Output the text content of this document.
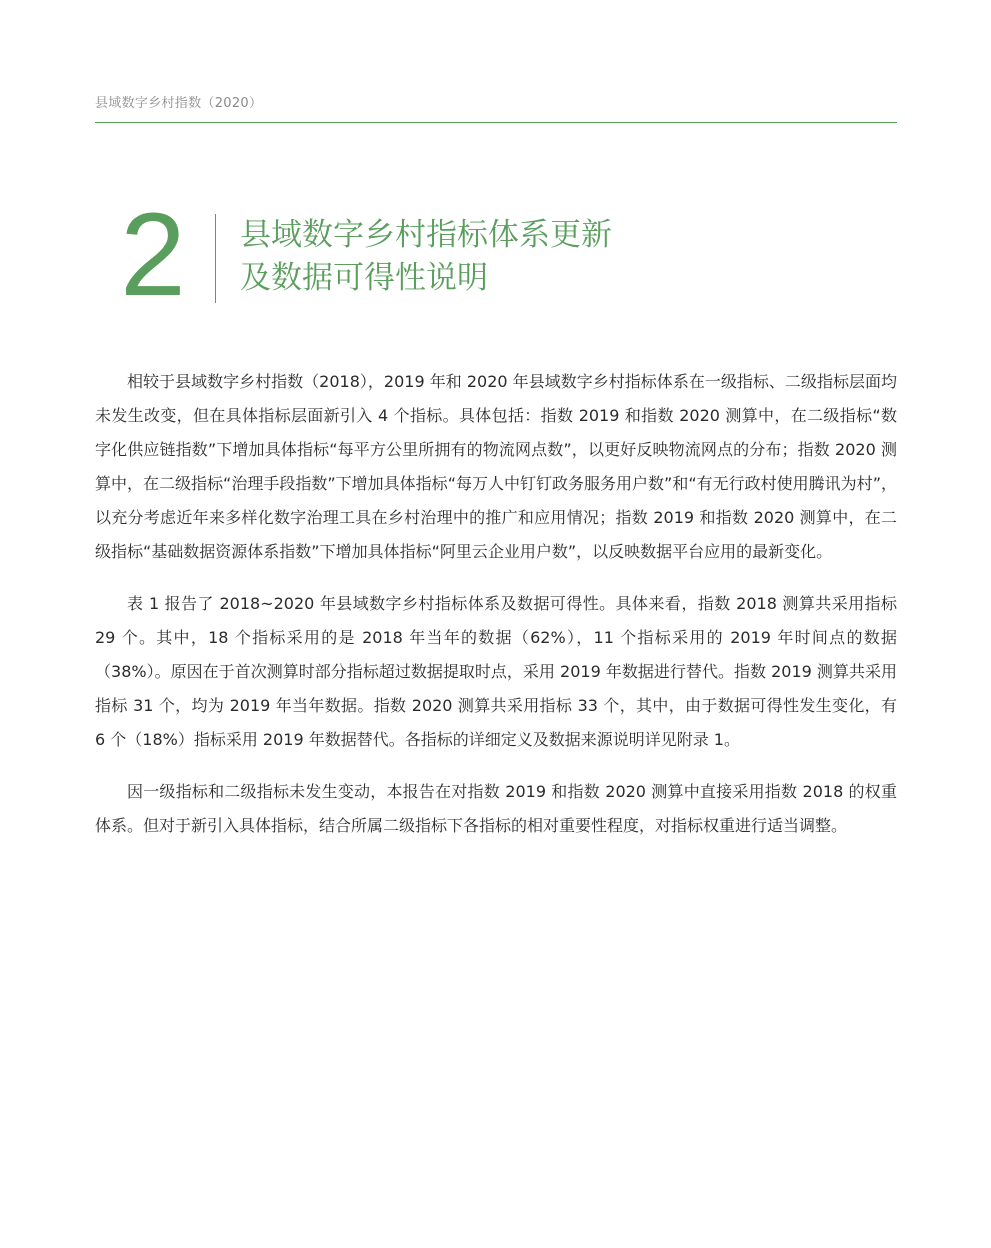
县域数字乡村指数（2020）
2	县域数字乡村指标体系更新
及数据可得性说明

相较于县域数字乡村指数（2018），2019 年和 2020 年县域数字乡村指标体系在一级指标、二级指标层面均未发生改变，但在具体指标层面新引入 4 个指标。具体包括：指数 2019 和指数 2020 测算中，在二级指标“数字化供应链指数”下增加具体指标“每平方公里所拥有的物流网点数”，以更好反映物流网点的分布；指数 2020 测算中，在二级指标“治理手段指数”下增加具体指标“每万人中钉钉政务服务用户数”和“有无行政村使用腾讯为村”，以充分考虑近年来多样化数字治理工具在乡村治理中的推广和应用情况；指数 2019 和指数 2020 测算中，在二级指标“基础数据资源体系指数”下增加具体指标“阿里云企业用户数”，以反映数据平台应用的最新变化。

表 1 报告了 2018~2020 年县域数字乡村指标体系及数据可得性。具体来看，指数 2018 测算共采用指标 29 个。其中，18 个指标采用的是 2018 年当年的数据（62%），11 个指标采用的 2019 年时间点的数据（38%）。原因在于首次测算时部分指标超过数据提取时点，采用 2019 年数据进行替代。指数 2019 测算共采用指标 31 个，均为 2019 年当年数据。指数 2020 测算共采用指标 33 个，其中，由于数据可得性发生变化，有 6 个（18%）指标采用 2019 年数据替代。各指标的详细定义及数据来源说明详见附录 1。

因一级指标和二级指标未发生变动，本报告在对指数 2019 和指数 2020 测算中直接采用指数 2018 的权重体系。但对于新引入具体指标，结合所属二级指标下各指标的相对重要性程度，对指标权重进行适当调整。
